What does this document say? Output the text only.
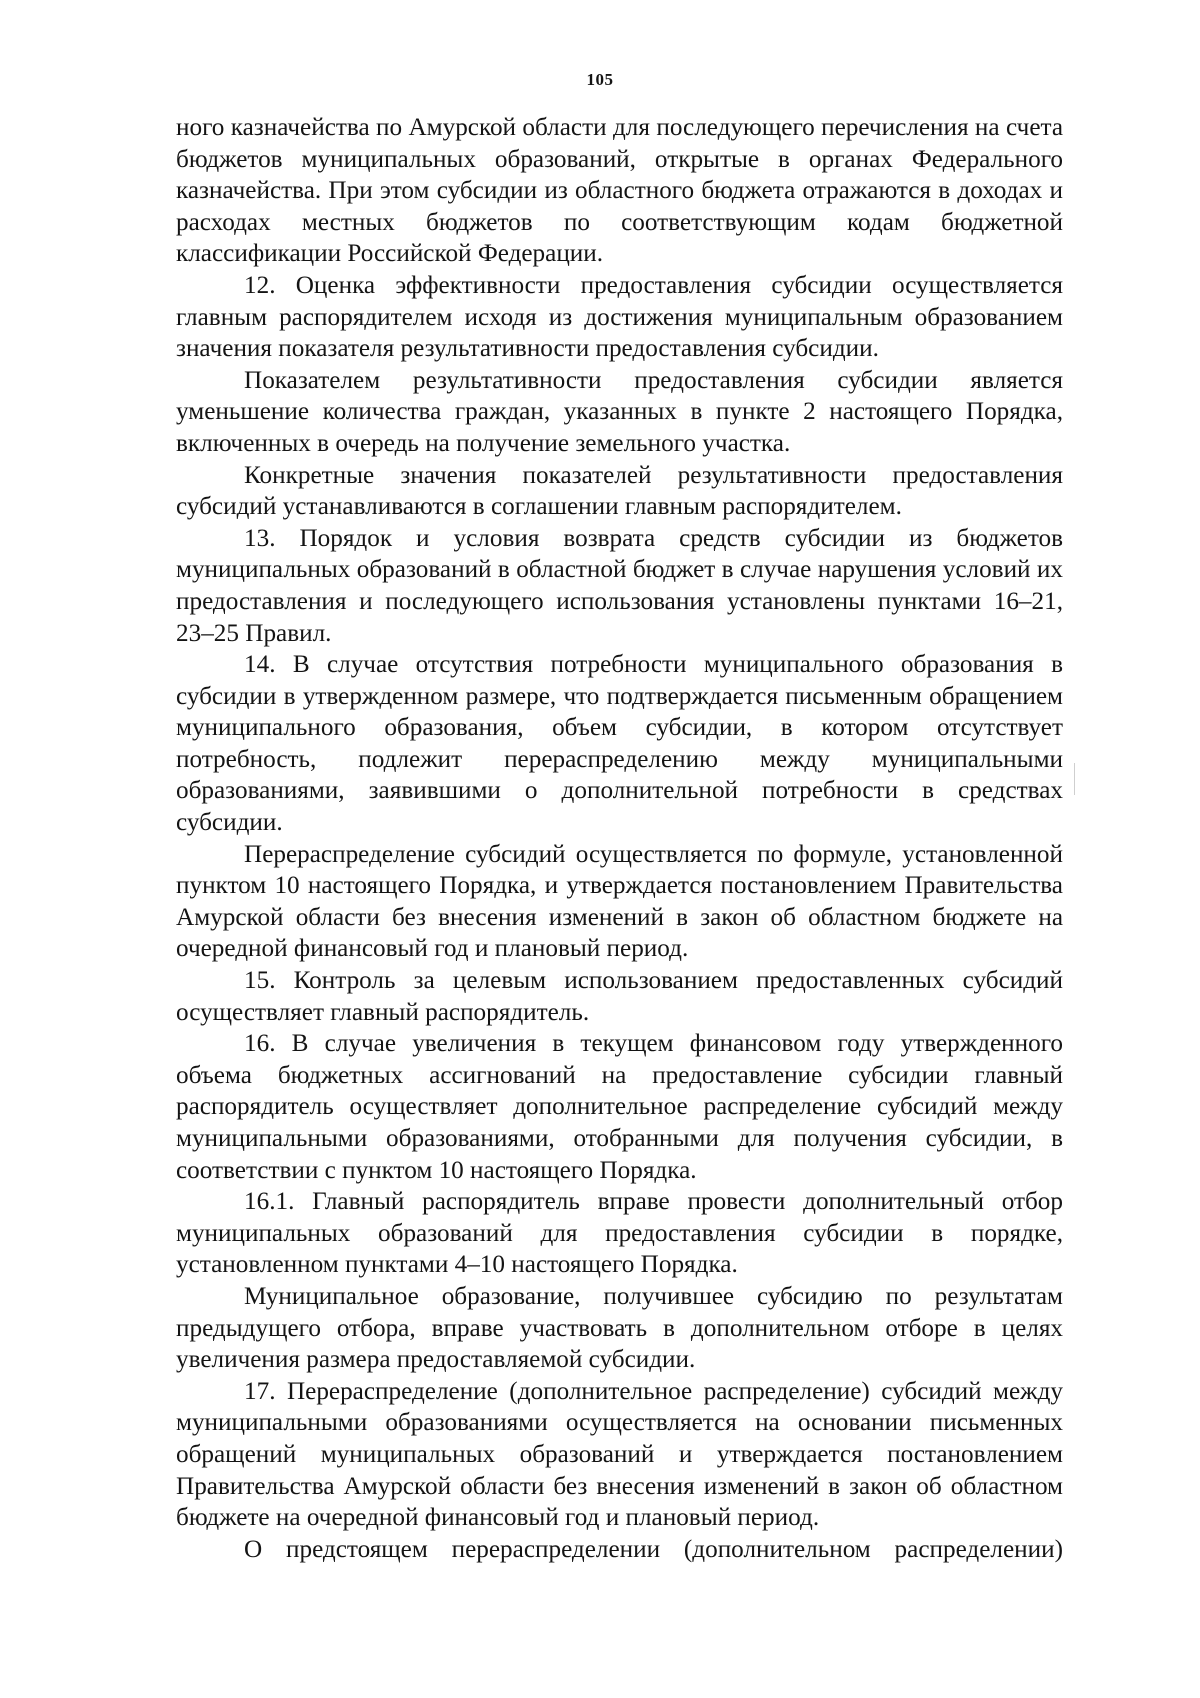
105

ного казначейства по Амурской области для последующего перечисления на счета бюджетов муниципальных образований, открытые в органах Федерального казначейства. При этом субсидии из областного бюджета отражаются в доходах и расходах местных бюджетов по соответствующим кодам бюджетной классификации Российской Федерации.

12. Оценка эффективности предоставления субсидии осуществляется главным распорядителем исходя из достижения муниципальным образованием значения показателя результативности предоставления субсидии.

Показателем результативности предоставления субсидии является уменьшение количества граждан, указанных в пункте 2 настоящего Порядка, включенных в очередь на получение земельного участка.

Конкретные значения показателей результативности предоставления субсидий устанавливаются в соглашении главным распорядителем.

13. Порядок и условия возврата средств субсидии из бюджетов муниципальных образований в областной бюджет в случае нарушения условий их предоставления и последующего использования установлены пунктами 16–21, 23–25 Правил.

14. В случае отсутствия потребности муниципального образования в субсидии в утвержденном размере, что подтверждается письменным обращением муниципального образования, объем субсидии, в котором отсутствует потребность, подлежит перераспределению между муниципальными образованиями, заявившими о дополнительной потребности в средствах субсидии.

Перераспределение субсидий осуществляется по формуле, установленной пунктом 10 настоящего Порядка, и утверждается постановлением Правительства Амурской области без внесения изменений в закон об областном бюджете на очередной финансовый год и плановый период.

15. Контроль за целевым использованием предоставленных субсидий осуществляет главный распорядитель.

16. В случае увеличения в текущем финансовом году утвержденного объема бюджетных ассигнований на предоставление субсидии главный распорядитель осуществляет дополнительное распределение субсидий между муниципальными образованиями, отобранными для получения субсидии, в соответствии с пунктом 10 настоящего Порядка.

16.1. Главный распорядитель вправе провести дополнительный отбор муниципальных образований для предоставления субсидии в порядке, установленном пунктами 4–10 настоящего Порядка.

Муниципальное образование, получившее субсидию по результатам предыдущего отбора, вправе участвовать в дополнительном отборе в целях увеличения размера предоставляемой субсидии.

17. Перераспределение (дополнительное распределение) субсидий между муниципальными образованиями осуществляется на основании письменных обращений муниципальных образований и утверждается постановлением Правительства Амурской области без внесения изменений в закон об областном бюджете на очередной финансовый год и плановый период.

О предстоящем перераспределении (дополнительном распределении)
